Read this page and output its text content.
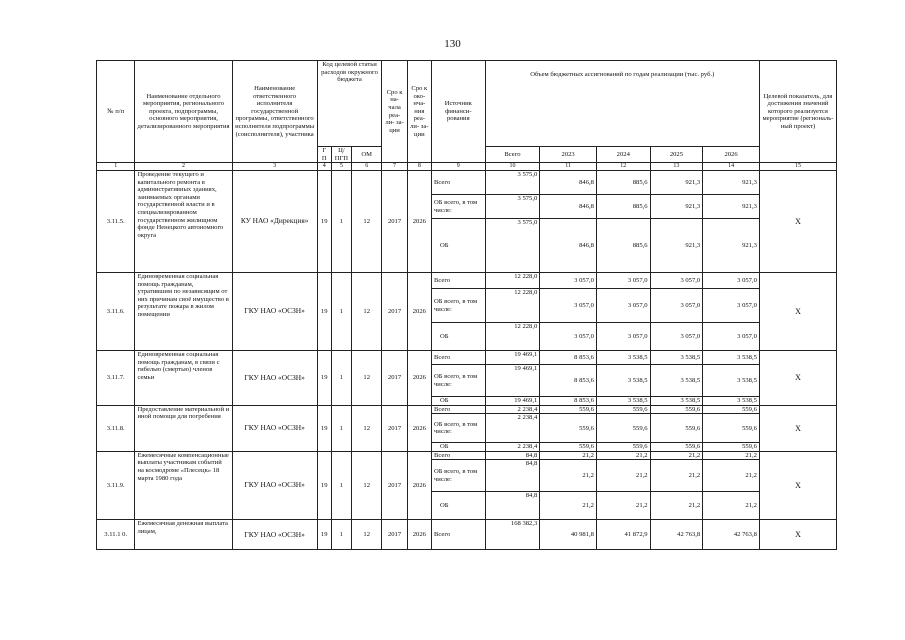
130
№ п/п	Наименование отдельного мероприятия, регионального проекта, подпрограммы, основного мероприятия, детализированного мероприятия	Наименование ответственного исполнителя государственной программы, ответственного исполнителя подпрограммы (соисполнителя), участника	Код целевой статьи расходов окружного бюджета			Сро к на- чала реа- ли- за- ции	Сро к око- нча- ния реа- ли- за- ции	Источник финанси- рования	Объем бюджетных ассигнований по годам реализации (тыс. руб.)					Целевой показатель, для достижения значений которого реализуется мероприятие (региональ- ный проект)
			Г П	Ц/ ПГП	ОМ				Всего	2023	2024	2025	2026	
1	2	3	4	5	6	7	8	9	10	11	12	13	14	15
3.11.5.	Проведение текущего и капитального ремонта в административных зданиях, занимаемых органами государственной власти и в специализированном государственном жилищном фонде Ненецкого автономного округа	КУ НАО «Дирекция»	19	1	12	2017	2026	Всего	3 575,0	846,8	885,6	921,3	921,3	X
								ОБ всего, в том числе:	3 575,0	846,8	885,6	921,3	921,3	
								ОБ	3 575,0	846,8	885,6	921,3	921,3	
3.11.6.	Единовременная социальная помощь гражданам, утратившим по независящим от них причинам своё имущество в результате пожара в жилом помещении	ГКУ НАО «ОСЗН»	19	1	12	2017	2026	Всего	12 228,0	3 057,0	3 057,0	3 057,0	3 057,0	X
								ОБ всего, в том числе:	12 228,0	3 057,0	3 057,0	3 057,0	3 057,0	
								ОБ	12 228,0	3 057,0	3 057,0	3 057,0	3 057,0	
3.11.7.	Единовременная социальная помощь гражданам, в связи с гибелью (смертью) членов семьи	ГКУ НАО «ОСЗН»	19	1	12	2017	2026	Всего	19 469,1	8 853,6	3 538,5	3 538,5	3 538,5	X
								ОБ всего, в том числе:	19 469,1	8 853,6	3 538,5	3 538,5	3 538,5	
								ОБ	19 469,1	8 853,6	3 538,5	3 538,5	3 538,5	
3.11.8.	Предоставление материальной и иной помощи для погребения	ГКУ НАО «ОСЗН»	19	1	12	2017	2026	Всего	2 238,4	559,6	559,6	559,6	559,6	X
								ОБ всего, в том числе:	2 238,4	559,6	559,6	559,6	559,6	
								ОБ	2 238,4	559,6	559,6	559,6	559,6	
3.11.9.	Ежемесячные компенсационные выплаты участникам событий на космодроме «Плесецк» 18 марта 1980 года	ГКУ НАО «ОСЗН»	19	1	12	2017	2026	Всего	84,8	21,2	21,2	21,2	21,2	X
								ОБ всего, в том числе:	84,8	21,2	21,2	21,2	21,2	
								ОБ	84,8	21,2	21,2	21,2	21,2	
3.11.1 0.	Ежемесячная денежная выплата лицам,	ГКУ НАО «ОСЗН»	19	1	12	2017	2026	Всего	168 382,3	40 981,8	41 872,9	42 763,8	42 763,8	X
